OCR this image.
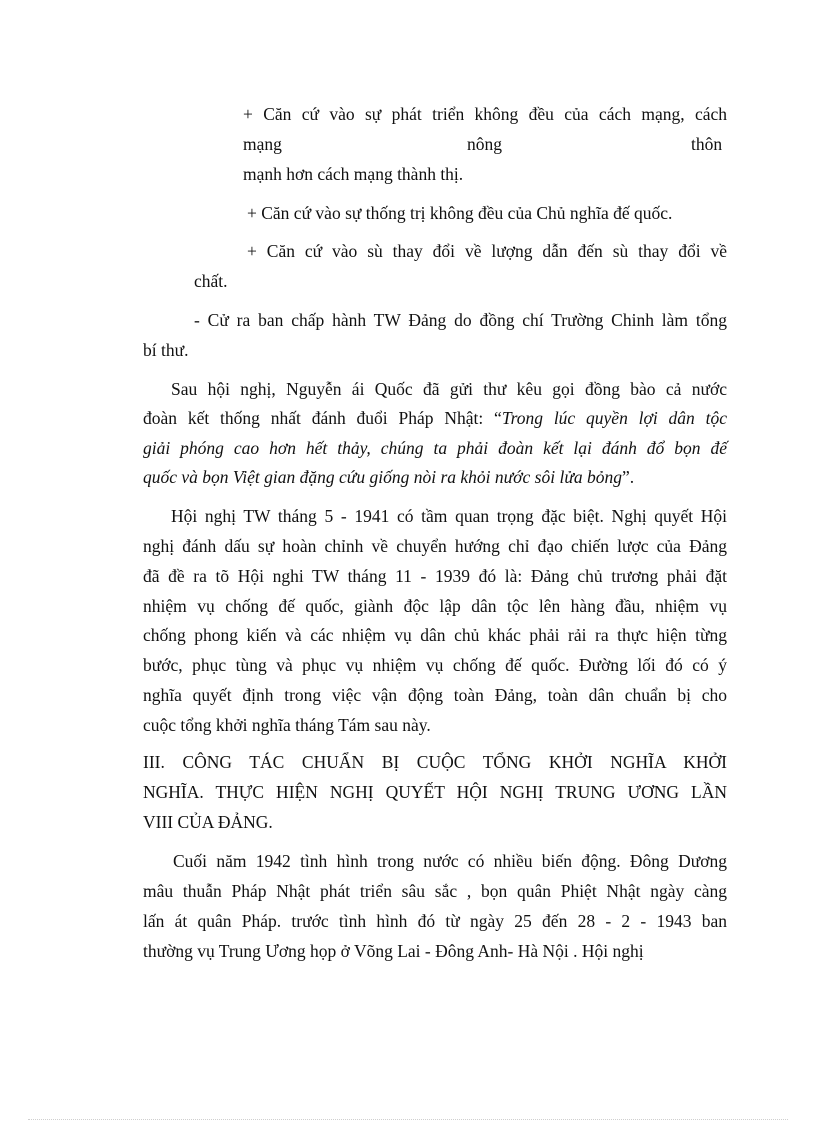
+ Căn cứ vào sự phát triển không đều của cách mạng, cách
mạng	nông	thôn
mạnh hơn cách mạng thành thị.
+ Căn cứ vào sự thống trị không đều của Chủ nghĩa đế quốc.
+ Căn cứ vào sù thay đổi về lượng dẫn đến sù thay đổi về
chất.
- Cử ra ban chấp hành TW Đảng do đồng chí Trường Chinh làm tổng
bí thư.
Sau hội nghị, Nguyễn ái Quốc đã gửi thư kêu gọi đồng bào cả nước
đoàn kết thống nhất đánh đuổi Pháp Nhật: “Trong lúc quyền lợi dân tộc
giải phóng cao hơn hết thảy, chúng ta phải đoàn kết lại đánh đổ bọn đế
quốc và bọn Việt gian đặng cứu giống nòi ra khỏi nước sôi lửa bỏng”.
Hội nghị TW tháng 5 - 1941 có tầm quan trọng đặc biệt. Nghị quyết Hội
nghị đánh dấu sự hoàn chỉnh về chuyển hướng chỉ đạo chiến lược của Đảng
đã đề ra tõ Hội nghi TW tháng 11 - 1939 đó là: Đảng chủ trương phải đặt
nhiệm vụ chống đế quốc, giành độc lập dân tộc lên hàng đầu, nhiệm vụ
chống phong kiến và các nhiệm vụ dân chủ khác phải rải ra thực hiện từng
bước, phục tùng và phục vụ nhiệm vụ chống đế quốc. Đường lối đó có ý
nghĩa quyết định trong việc vận động toàn Đảng, toàn dân chuẩn bị cho
cuộc tổng khởi nghĩa tháng Tám sau này.
III. CÔNG TÁC CHUẨN BỊ CUỘC TỔNG KHỞI NGHĨA KHỞI
NGHĨA. THỰC HIỆN NGHỊ QUYẾT HỘI NGHỊ TRUNG ƯƠNG LẦN
VIII CỦA ĐẢNG.
Cuối năm 1942 tình hình trong nước có nhiều biến động. Đông Dương
mâu thuẫn Pháp Nhật phát triển sâu sắc , bọn quân Phiệt Nhật ngày càng
lấn át quân Pháp. trước tình hình đó từ ngày 25 đến 28 - 2 - 1943 ban
thường vụ Trung Ương họp ở Võng Lai - Đông Anh- Hà Nội . Hội nghị
